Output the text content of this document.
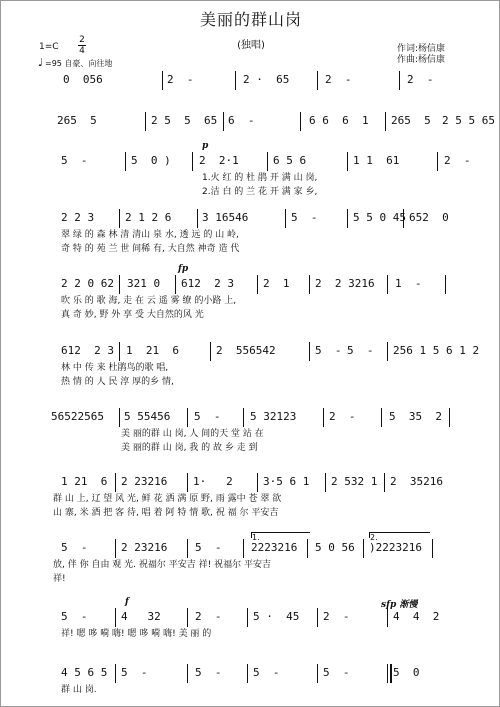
美丽的群山岗
(独唱)	作词:杨信康
作曲:杨信康
$1=C \frac{2}{4}$
♩ =95 自豪、向往地
0  056	2  -	2 ·  65	2  -	2  -
265  5	2 5  5  65 6  -	6 6  6  1 265  5 2 5 5 65
5  -	5  0 )	2  2·1	6 5 6	1 1  61	2  -
1.火 红 的 杜 鹃 开 满 山 岗,
2.洁 白 的 兰 花 开 满 家 乡,
p
2 2 3	2 1 2 6	3 16546	5  -	5 5 0 45 652  0
翠 绿 的 森 林 清 清山 泉 水, 透 远 的 山 岭,
奇 特 的 苑 兰 世 间稀 有, 大自然 神奇 造 代
2 2 0 62 321 0 612  2 3	2  1 2  2 3216 1  -
吹 乐 的 歌 海, 走 在 云 遥 雾 缭 的小路 上,
真 奇 妙, 野 外 享 受 大自然的风 光
fp
612  2 3 1  21  6	2  556542	5  - 5  - 256 1 5 6 1 2
林 中 传 来 杜鹃鸟的歌 唱,
热 情 的 人 民 淳 厚的乡 情,
56522565 5 55456 5  -	5 32123	2  -	5  35  2
美 丽的群 山 岗, 人 间的天 堂 站 在
美 丽的群 山 岗, 我 的 故 乡 走 到
1 21  6 2 23216 1·   2	3·5 6 1 2 532 1 2  35216
群 山 上, 辽 望 风 光, 鲜 花 洒 满 原 野, 雨 露中 苍 翠 欲
山 寨, 米 酒 把 客 待, 唱 着 阿 特 情 歌, 祝 福 尔 平安吉
5  -	2 23216	5  -	2223216 5 0 56 )2223216
放, 伴 你 自由 观 光. 祝福尔 平安吉 祥! 祝福尔 平安吉
祥!
1.	2.
5  -	4   32	2  -	5 ·  45 2  -	4  4  2
祥! 嗯 哆 嗬 嗨! 嗯 哆 嗬 嗨! 美 丽 的
f	sfp 渐慢
4 5 6 5 5  -	5  -	5  -	5  -	5  0
群 山 岗.
